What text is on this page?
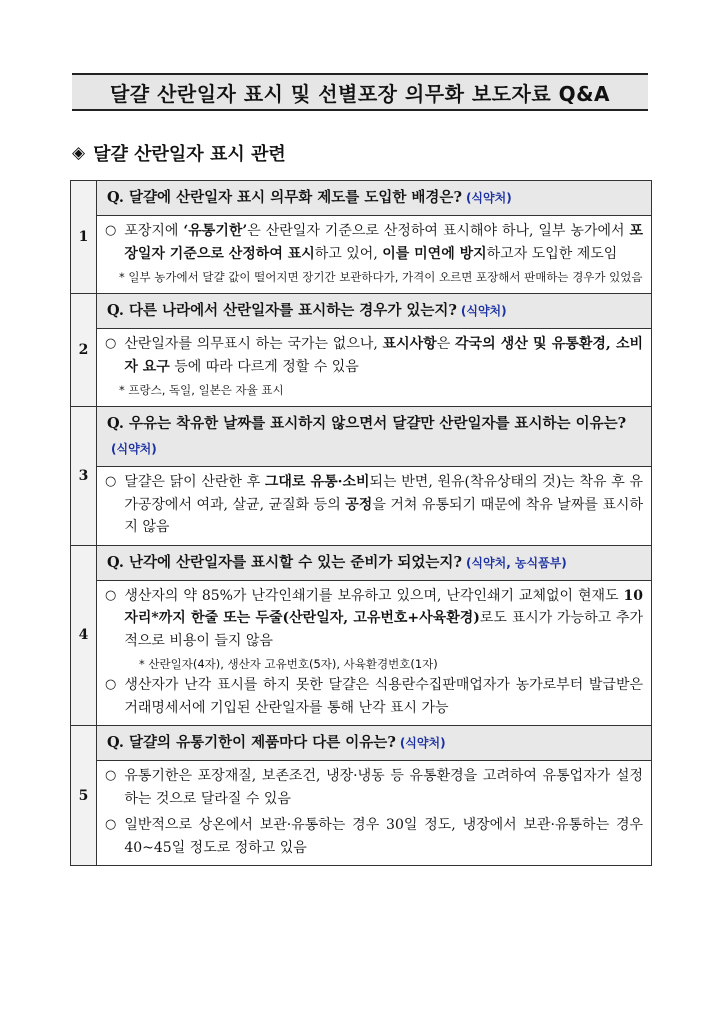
달걀 산란일자 표시 및 선별포장 의무화 보도자료 Q&A
◈ 달걀 산란일자 표시 관련
1	Q. 달걀에 산란일자 표시 의무화 제도를 도입한 배경은? (식약처)

	○ 포장지에 ‘유통기한’은 산란일자 기준으로 산정하여 표시해야 하나, 일부 농가에서 포장일자 기준으로 산정하여 표시하고 있어, 이를 미연에 방지하고자 도입한 제도임

* 일부 농가에서 달걀 값이 떨어지면 장기간 보관하다가, 가격이 오르면 포장해서 판매하는 경우가 있었음

2	Q. 다른 나라에서 산란일자를 표시하는 경우가 있는지? (식약처)

	○ 산란일자를 의무표시 하는 국가는 없으나, 표시사항은 각국의 생산 및 유통환경, 소비자 요구 등에 따라 다르게 정할 수 있음

* 프랑스, 독일, 일본은 자율 표시

3	Q. 우유는 착유한 날짜를 표시하지 않으면서 달걀만 산란일자를 표시하는 이유는?(식약처)

	○ 달걀은 닭이 산란한 후 그대로 유통·소비되는 반면, 원유(착유상태의 것)는 착유 후 유가공장에서 여과, 살균, 균질화 등의 공정을 거쳐 유통되기 때문에 착유 날짜를 표시하지 않음

4	Q. 난각에 산란일자를 표시할 수 있는 준비가 되었는지? (식약처, 농식품부)

	○ 생산자의 약 85%가 난각인쇄기를 보유하고 있으며, 난각인쇄기 교체없이 현재도 10자리*까지 한줄 또는 두줄(산란일자, 고유번호+사육환경)로도 표시가 가능하고 추가적으로 비용이 들지 않음

* 산란일자(4자), 생산자 고유번호(5자), 사육환경번호(1자)
○ 생산자가 난각 표시를 하지 못한 달걀은 식용란수집판매업자가 농가로부터 발급받은 거래명세서에 기입된 산란일자를 통해 난각 표시 가능

5	Q. 달걀의 유통기한이 제품마다 다른 이유는? (식약처)

	○ 유통기한은 포장재질, 보존조건, 냉장·냉동 등 유통환경을 고려하여 유통업자가 설정하는 것으로 달라질 수 있음

○ 일반적으로 상온에서 보관·유통하는 경우 30일 정도, 냉장에서 보관·유통하는 경우 40~45일 정도로 정하고 있음
